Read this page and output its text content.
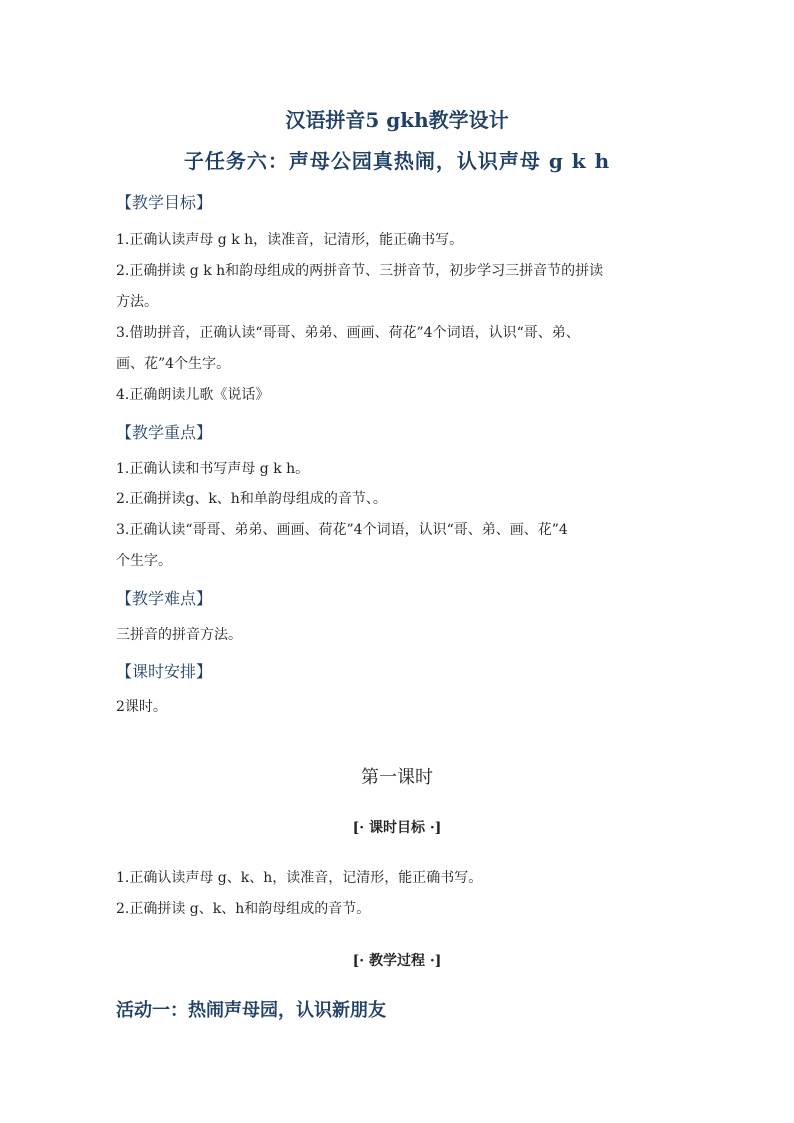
汉语拼音5 gkh教学设计
子任务六：声母公园真热闹，认识声母 g k h
【教学目标】
1.正确认读声母 g k h，读准音，记清形，能正确书写。
2.正确拼读 g k h和韵母组成的两拼音节、三拼音节，初步学习三拼音节的拼读
方法。
3.借助拼音，正确认读“哥哥、弟弟、画画、荷花”4个词语，认识“哥、弟、
画、花”4个生字。
4.正确朗读儿歌《说话》
【教学重点】
1.正确认读和书写声母 g k h。
2.正确拼读g、k、h和单韵母组成的音节、。
3.正确认读“哥哥、弟弟、画画、荷花”4个词语，认识“哥、弟、画、花”4
个生字。
【教学难点】
三拼音的拼音方法。
【课时安排】
2课时。
第一课时
[· 课时目标 ·]
1.正确认读声母 g、k、h，读准音，记清形，能正确书写。
2.正确拼读 g、k、h和韵母组成的音节。
[· 教学过程 ·]
活动一：热闹声母园，认识新朋友
